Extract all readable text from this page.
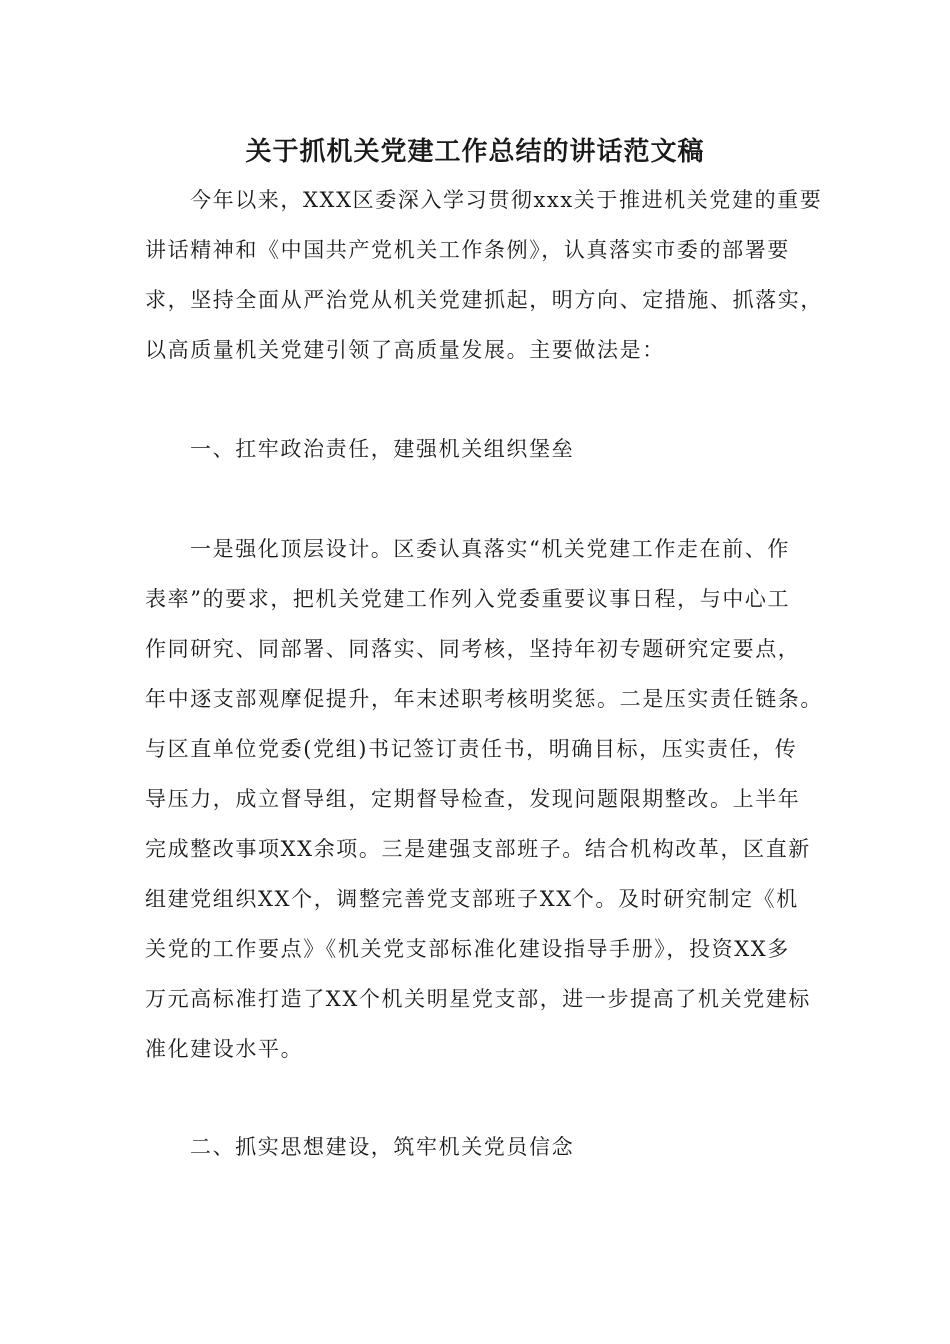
关于抓机关党建工作总结的讲话范文稿
今年以来，XXX区委深入学习贯彻xxx关于推进机关党建的重要
讲话精神和《中国共产党机关工作条例》，认真落实市委的部署要
求，坚持全面从严治党从机关党建抓起，明方向、定措施、抓落实，
以高质量机关党建引领了高质量发展。主要做法是：
一、扛牢政治责任，建强机关组织堡垒
一是强化顶层设计。区委认真落实“机关党建工作走在前、作
表率”的要求，把机关党建工作列入党委重要议事日程，与中心工
作同研究、同部署、同落实、同考核，坚持年初专题研究定要点，
年中逐支部观摩促提升，年末述职考核明奖惩。二是压实责任链条。
与区直单位党委(党组)书记签订责任书，明确目标，压实责任，传
导压力，成立督导组，定期督导检查，发现问题限期整改。上半年
完成整改事项XX余项。三是建强支部班子。结合机构改革，区直新
组建党组织XX个，调整完善党支部班子XX个。及时研究制定《机
关党的工作要点》《机关党支部标准化建设指导手册》，投资XX多
万元高标准打造了XX个机关明星党支部，进一步提高了机关党建标
准化建设水平。
二、抓实思想建设，筑牢机关党员信念
